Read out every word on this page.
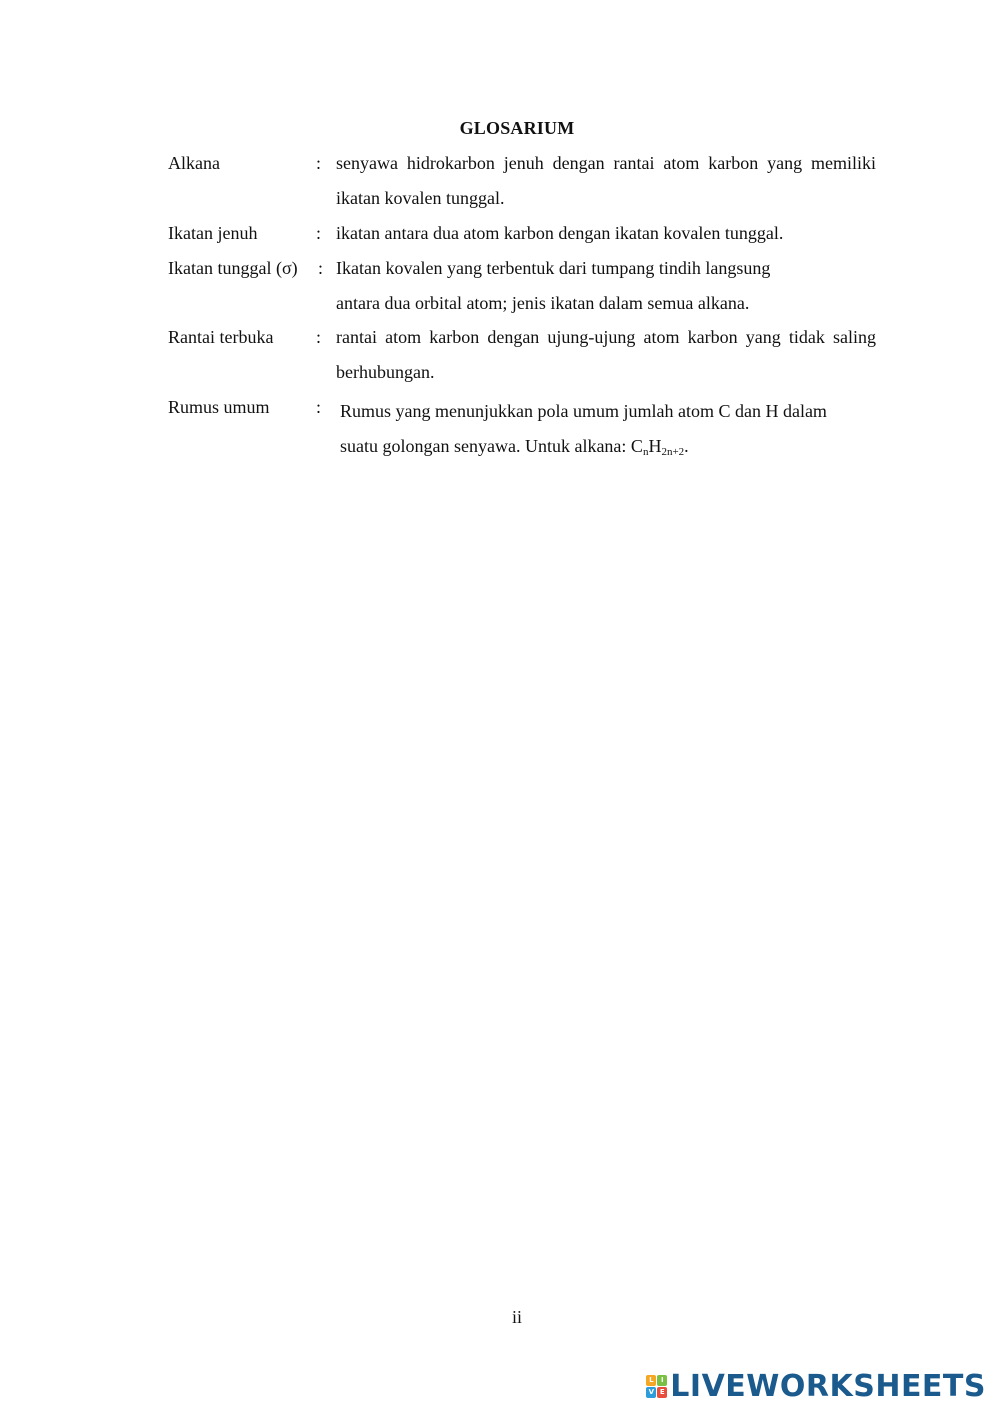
GLOSARIUM
Alkana	: senyawa hidrokarbon jenuh dengan rantai atom karbon yang memiliki ikatan kovalen tunggal.
Ikatan jenuh	: ikatan antara dua atom karbon dengan ikatan kovalen tunggal.
Ikatan tunggal (σ) : Ikatan kovalen yang terbentuk dari tumpang tindih langsung
antara dua orbital atom; jenis ikatan dalam semua alkana.
Rantai terbuka : rantai atom karbon dengan ujung-ujung atom karbon yang tidak saling berhubungan.
Rumus umum	: Rumus yang menunjukkan pola umum jumlah atom C dan H dalam
suatu golongan senyawa. Untuk alkana: $C_nH_{2n+2}$.
ii
L	I
V E LIVEWORKSHEETS
